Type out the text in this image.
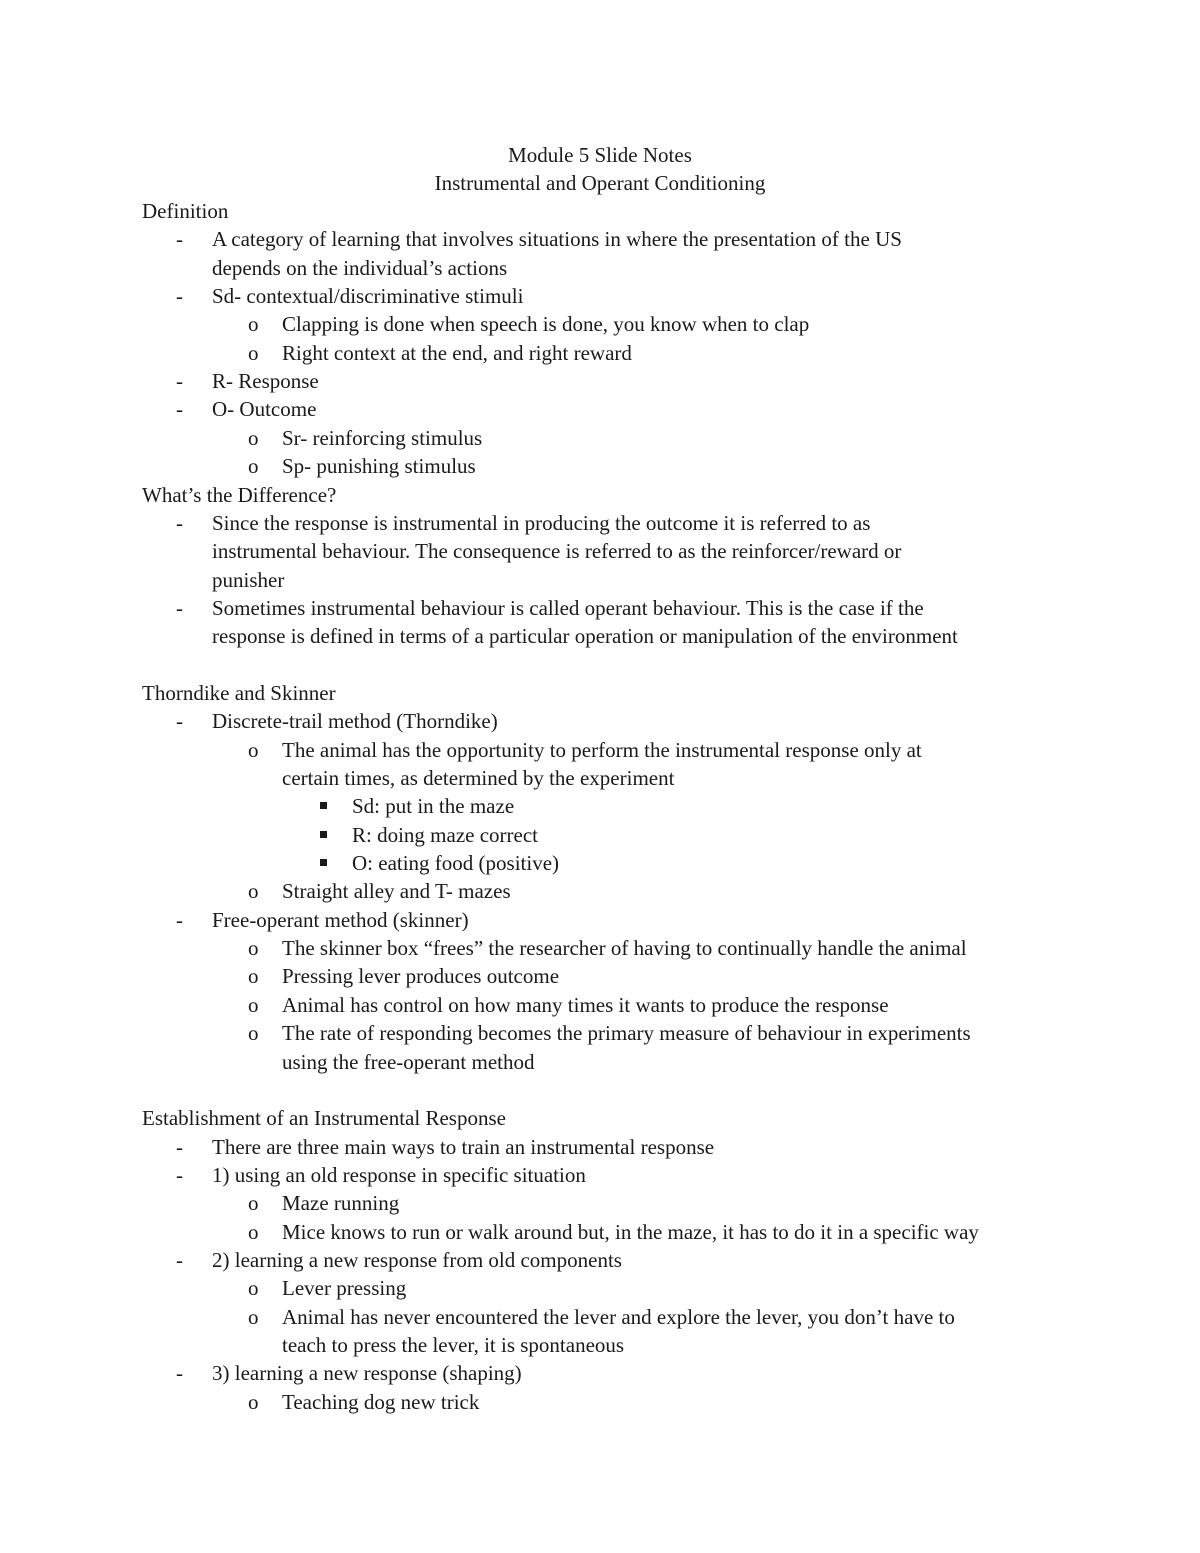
Module 5 Slide Notes
Instrumental and Operant Conditioning
Definition
A category of learning that involves situations in where the presentation of the US
-
depends on the individual’s actions
Sd- contextual/discriminative stimuli
-
Clapping is done when speech is done, you know when to clap
o
Right context at the end, and right reward
o
R- Response
-
O- Outcome
-
Sr- reinforcing stimulus
o
Sp- punishing stimulus
o
What’s the Difference?
Since the response is instrumental in producing the outcome it is referred to as
-
instrumental behaviour. The consequence is referred to as the reinforcer/reward or
punisher
Sometimes instrumental behaviour is called operant behaviour. This is the case if the
-
response is defined in terms of a particular operation or manipulation of the environment
Thorndike and Skinner
Discrete-trail method (Thorndike)
-
The animal has the opportunity to perform the instrumental response only at
o
certain times, as determined by the experiment
Sd: put in the maze
R: doing maze correct
O: eating food (positive)
Straight alley and T- mazes
o
Free-operant method (skinner)
-
The skinner box “frees” the researcher of having to continually handle the animal
o
Pressing lever produces outcome
o
Animal has control on how many times it wants to produce the response
o
The rate of responding becomes the primary measure of behaviour in experiments
o
using the free-operant method
Establishment of an Instrumental Response
There are three main ways to train an instrumental response
-
1) using an old response in specific situation
-
Maze running
o
Mice knows to run or walk around but, in the maze, it has to do it in a specific way
o
2) learning a new response from old components
-
Lever pressing
o
Animal has never encountered the lever and explore the lever, you don’t have to
o
teach to press the lever, it is spontaneous
3) learning a new response (shaping)
-
Teaching dog new trick
o
